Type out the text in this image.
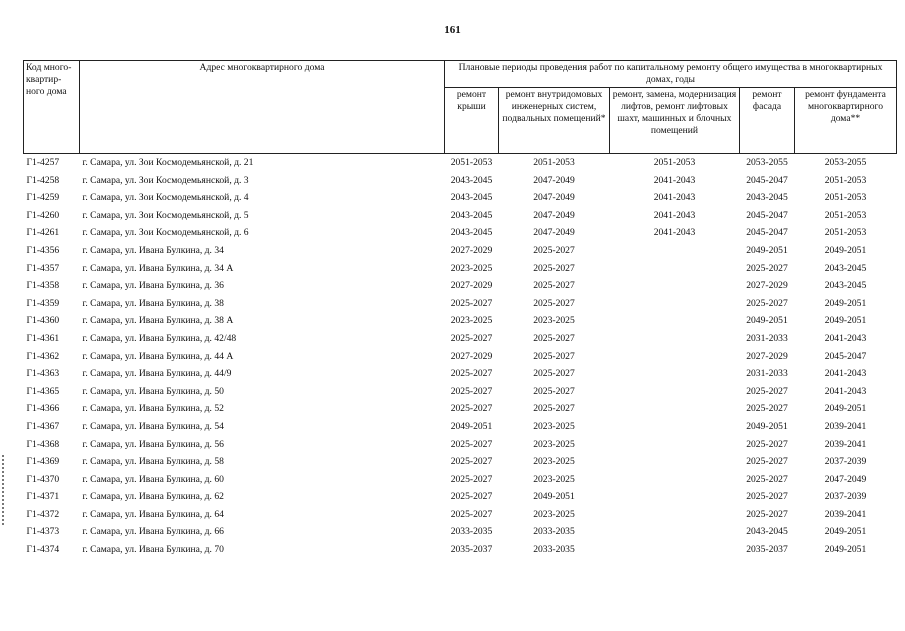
161
Код много-квартир-ного дома	Адрес многоквартирного дома	Плановые периоды проведения работ по капитальному ремонту общего имущества в многоквартирных домах, годы				
		ремонт крыши	ремонт внутридомовых инженерных систем, подвальных помещений*	ремонт, замена, модернизация лифтов, ремонт лифтовых шахт, машинных и блочных помещений	ремонт фасада	ремонт фундамента многоквартирного дома**
Г1-4257	г. Самара, ул. Зои Космодемьянской, д. 21	2051-2053	2051-2053	2051-2053	2053-2055	2053-2055
Г1-4258	г. Самара, ул. Зои Космодемьянской, д. 3	2043-2045	2047-2049	2041-2043	2045-2047	2051-2053
Г1-4259	г. Самара, ул. Зои Космодемьянской, д. 4	2043-2045	2047-2049	2041-2043	2043-2045	2051-2053
Г1-4260	г. Самара, ул. Зои Космодемьянской, д. 5	2043-2045	2047-2049	2041-2043	2045-2047	2051-2053
Г1-4261	г. Самара, ул. Зои Космодемьянской, д. 6	2043-2045	2047-2049	2041-2043	2045-2047	2051-2053
Г1-4356	г. Самара, ул. Ивана Булкина, д. 34	2027-2029	2025-2027		2049-2051	2049-2051
Г1-4357	г. Самара, ул. Ивана Булкина, д. 34 А	2023-2025	2025-2027		2025-2027	2043-2045
Г1-4358	г. Самара, ул. Ивана Булкина, д. 36	2027-2029	2025-2027		2027-2029	2043-2045
Г1-4359	г. Самара, ул. Ивана Булкина, д. 38	2025-2027	2025-2027		2025-2027	2049-2051
Г1-4360	г. Самара, ул. Ивана Булкина, д. 38 А	2023-2025	2023-2025		2049-2051	2049-2051
Г1-4361	г. Самара, ул. Ивана Булкина, д. 42/48	2025-2027	2025-2027		2031-2033	2041-2043
Г1-4362	г. Самара, ул. Ивана Булкина, д. 44 А	2027-2029	2025-2027		2027-2029	2045-2047
Г1-4363	г. Самара, ул. Ивана Булкина, д. 44/9	2025-2027	2025-2027		2031-2033	2041-2043
Г1-4365	г. Самара, ул. Ивана Булкина, д. 50	2025-2027	2025-2027		2025-2027	2041-2043
Г1-4366	г. Самара, ул. Ивана Булкина, д. 52	2025-2027	2025-2027		2025-2027	2049-2051
Г1-4367	г. Самара, ул. Ивана Булкина, д. 54	2049-2051	2023-2025		2049-2051	2039-2041
Г1-4368	г. Самара, ул. Ивана Булкина, д. 56	2025-2027	2023-2025		2025-2027	2039-2041
Г1-4369	г. Самара, ул. Ивана Булкина, д. 58	2025-2027	2023-2025		2025-2027	2037-2039
Г1-4370	г. Самара, ул. Ивана Булкина, д. 60	2025-2027	2023-2025		2025-2027	2047-2049
Г1-4371	г. Самара, ул. Ивана Булкина, д. 62	2025-2027	2049-2051		2025-2027	2037-2039
Г1-4372	г. Самара, ул. Ивана Булкина, д. 64	2025-2027	2023-2025		2025-2027	2039-2041
Г1-4373	г. Самара, ул. Ивана Булкина, д. 66	2033-2035	2033-2035		2043-2045	2049-2051
Г1-4374	г. Самара, ул. Ивана Булкина, д. 70	2035-2037	2033-2035		2035-2037	2049-2051
